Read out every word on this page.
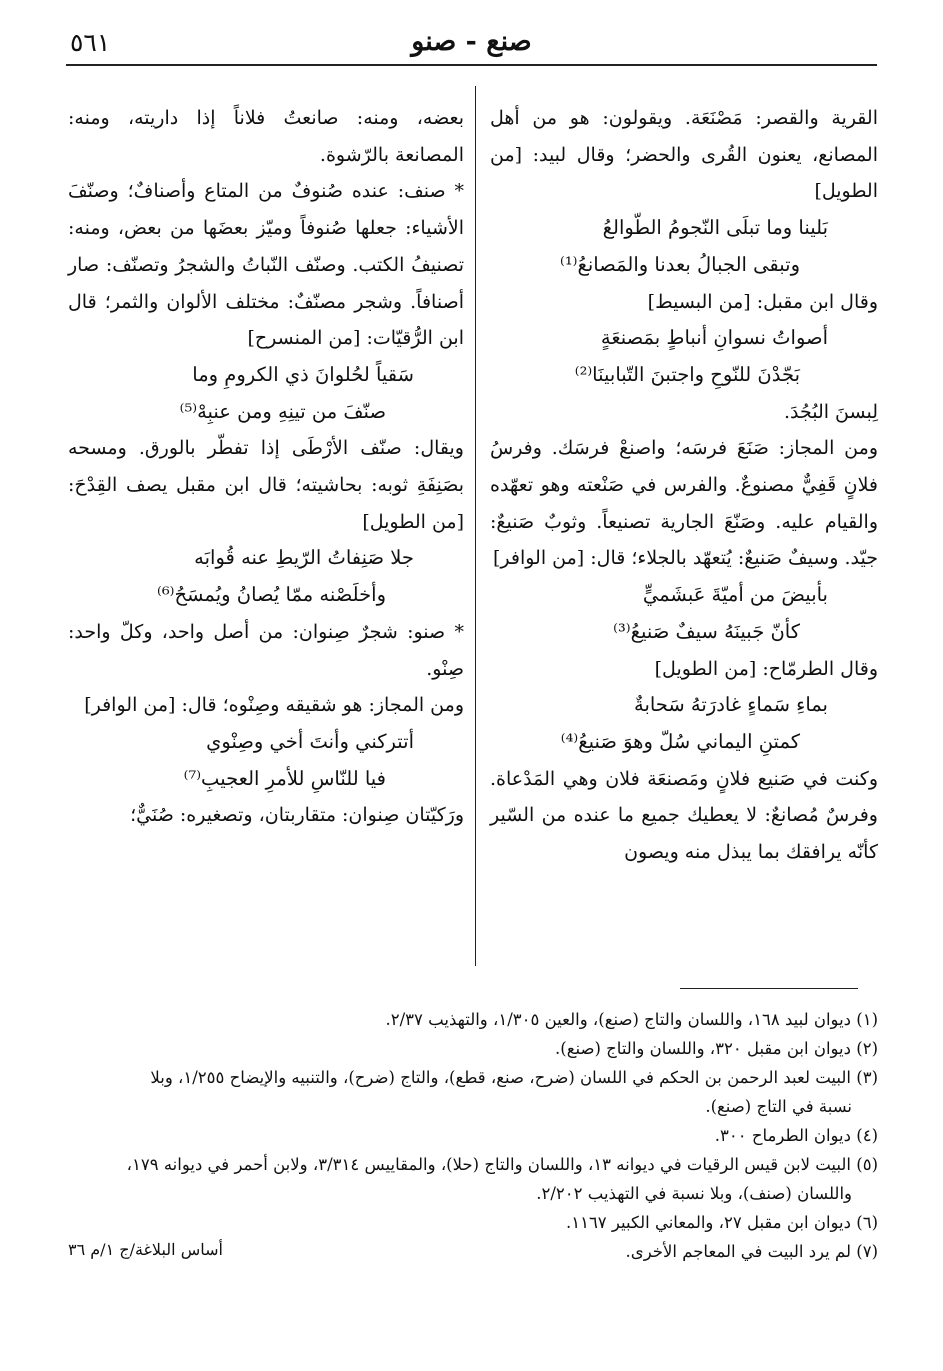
٥٦١	صنع - صنو
القرية والقصر: مَصْنَعَة. ويقولون: هو من أهل المصانع، يعنون القُرى والحضر؛ وقال لبيد: [من الطويل]
بَلينا وما تبلَى النّجومُ الطّوالعُ
وتبقى الجبالُ بعدنا والمَصانعُ⁽¹⁾
وقال ابن مقبل: [من البسيط]
أصواتُ نسوانِ أنباطٍ بمَصنعَةٍ
بَجّدْنَ للنّوحِ واجتبنَ التّبابينَا⁽²⁾
لِبسنَ البُجُدَ.
ومن المجاز: صَنَعَ فرسَه؛ واصنعْ فرسَك. وفرسُ فلانٍ قَفِيٌّ مصنوعٌ. والفرس في صَنْعته وهو تعهّده والقيام عليه. وصَنّعَ الجارية تصنيعاً. وثوبٌ صَنيعٌ: جيّد. وسيفٌ صَنيعٌ: يُتعهّد بالجلاء؛ قال: [من الوافر]
بأبيضَ من أميّةَ عَبشَميٍّ
كأنّ جَبينَهُ سيفٌ صَنيعُ⁽³⁾
وقال الطرمّاح: [من الطويل]
بماءِ سَماءٍ غادرَتهُ سَحابةٌ
كمتنِ اليماني سُلّ وهوَ صَنيعُ⁽⁴⁾
وكنت في صَنيع فلانٍ ومَصنعَة فلان وهي المَدْعاة. وفرسٌ مُصانعٌ: لا يعطيك جميع ما عنده من السّير كأنّه يرافقك بما يبذل منه ويصون
بعضه، ومنه: صانعتُ فلاناً إذا داريته، ومنه: المصانعة بالرّشوة.
* صنف: عنده صُنوفٌ من المتاع وأصنافٌ؛ وصنّفَ الأشياء: جعلها صُنوفاً وميّز بعضَها من بعض، ومنه: تصنيفُ الكتب. وصنّف النّباتُ والشجرُ وتصنّف: صار أصنافاً. وشجر مصنّفٌ: مختلف الألوان والثمر؛ قال ابن الرُّقيّات: [من المنسرح]
سَقياً لحُلوانَ ذي الكرومِ وما
صنّفَ من تينِهِ ومن عنبِهْ⁽⁵⁾
ويقال: صنّف الأرْطَى إذا تفطّر بالورق. ومسحه بصَنِفَةِ ثوبه: بحاشيته؛ قال ابن مقبل يصف القِدْحَ: [من الطويل]
جلا صَنِفاتُ الرّيطِ عنه قُوابَه
وأخلَصْنه ممّا يُصانُ ويُمسَحُ⁽⁶⁾
* صنو: شجرٌ صِنوان: من أصل واحد، وكلّ واحد: صِنْو.
ومن المجاز: هو شقيقه وصِنْوه؛ قال: [من الوافر]
أتتركني وأنتَ أخي وصِنْوي
فيا للنّاسِ للأمرِ العجيبِ⁽⁷⁾
ورَكيّتان صِنوان: متقاربتان، وتصغيره: صُنَيٌّ؛
(١) ديوان لبيد ١٦٨، واللسان والتاج (صنع)، والعين ١/٣٠٥، والتهذيب ٢/٣٧.
(٢) ديوان ابن مقبل ٣٢٠، واللسان والتاج (صنع).
(٣) البيت لعبد الرحمن بن الحكم في اللسان (ضرح، صنع، قطع)، والتاج (ضرح)، والتنبيه والإيضاح ١/٢٥٥، وبلا
نسبة في التاج (صنع).
(٤) ديوان الطرماح ٣٠٠.
(٥) البيت لابن قيس الرقيات في ديوانه ١٣، واللسان والتاج (حلا)، والمقاييس ٣/٣١٤، ولابن أحمر في ديوانه ١٧٩،
واللسان (صنف)، وبلا نسبة في التهذيب ٢/٢٠٢.
(٦) ديوان ابن مقبل ٢٧، والمعاني الكبير ١١٦٧.
(٧) لم يرد البيت في المعاجم الأخرى.
أساس البلاغة/ج ١/م ٣٦
